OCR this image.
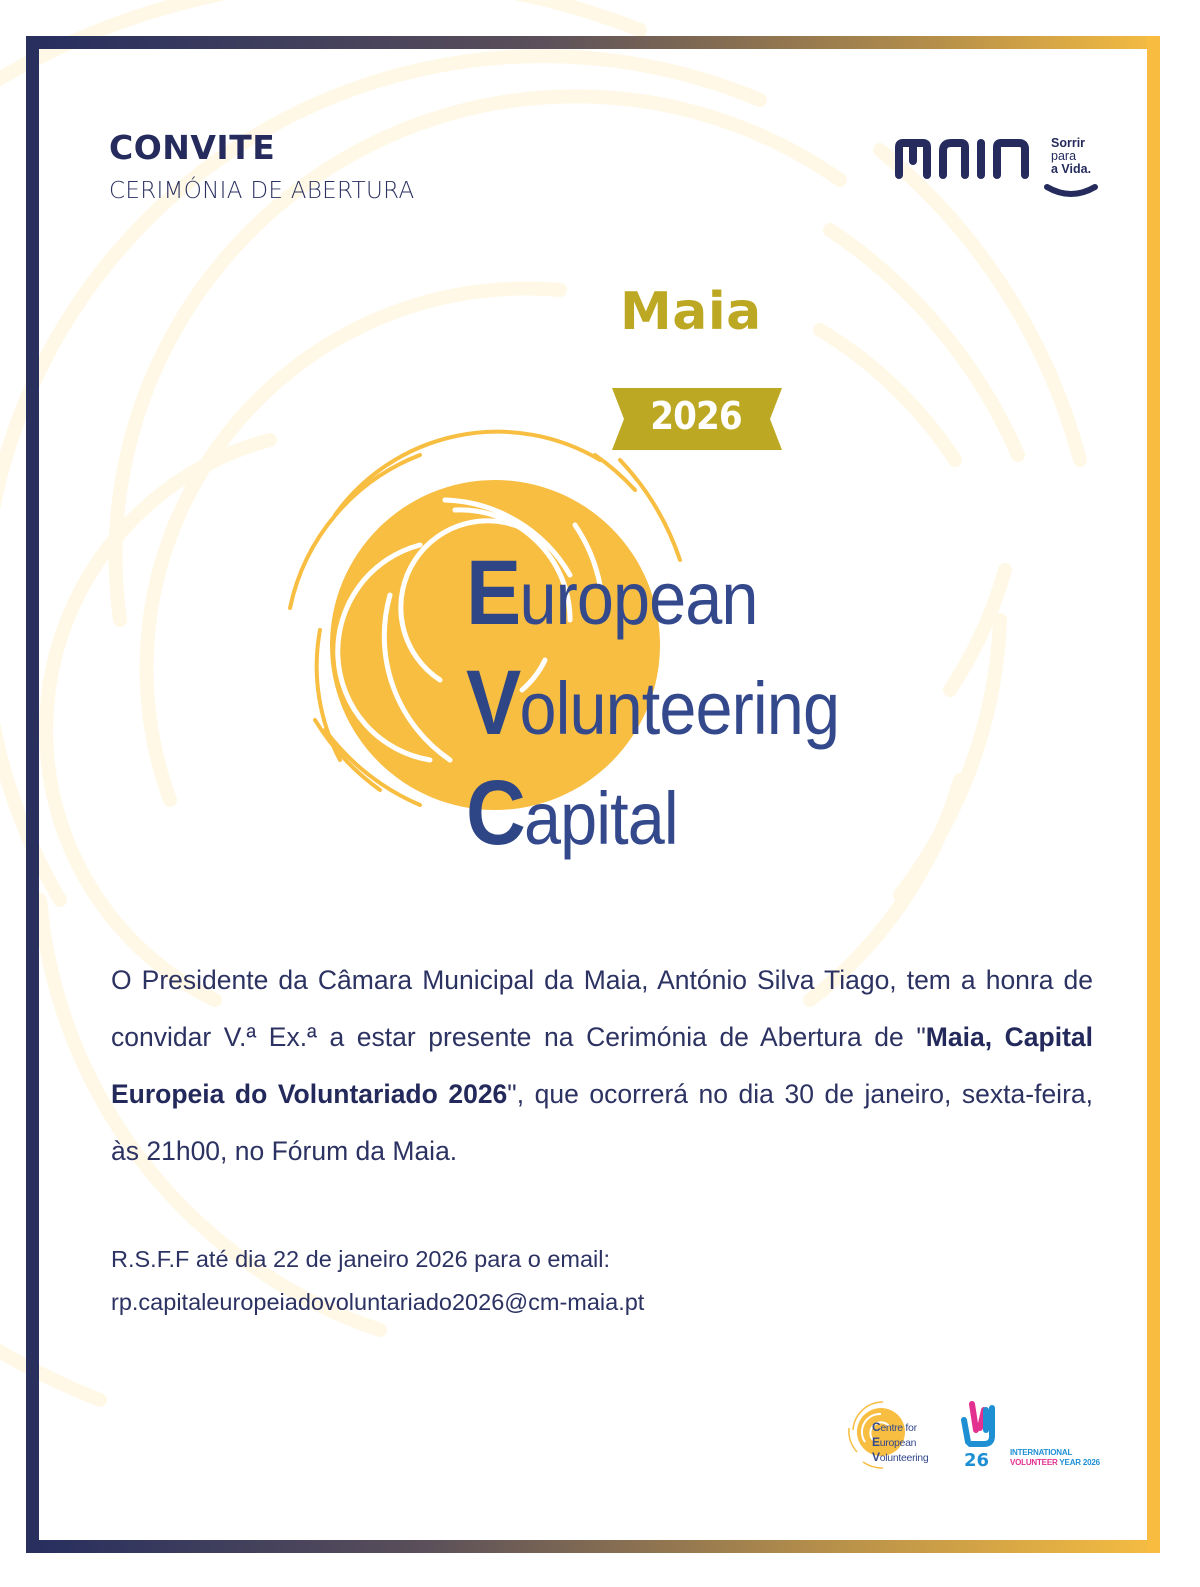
CONVITE
CERIMÓNIA DE ABERTURA
Sorrir
para
a Vida.
Maia
2026
European
Volunteering
Capital
O Presidente da Câmara Municipal da Maia, António Silva Tiago, tem a honra de convidar V.ª Ex.ª a estar presente na Cerimónia de Abertura de "Maia, Capital Europeia do Voluntariado 2026", que ocorrerá no dia 30 de janeiro, sexta-feira, às 21h00, no Fórum da Maia.
R.S.F.F até dia 22 de janeiro 2026 para o email:
rp.capitaleuropeiadovoluntariado2026@cm-maia.pt
Centre for
European
Volunteering 26	INTERNATIONAL
VOLUNTEER YEAR 2026
